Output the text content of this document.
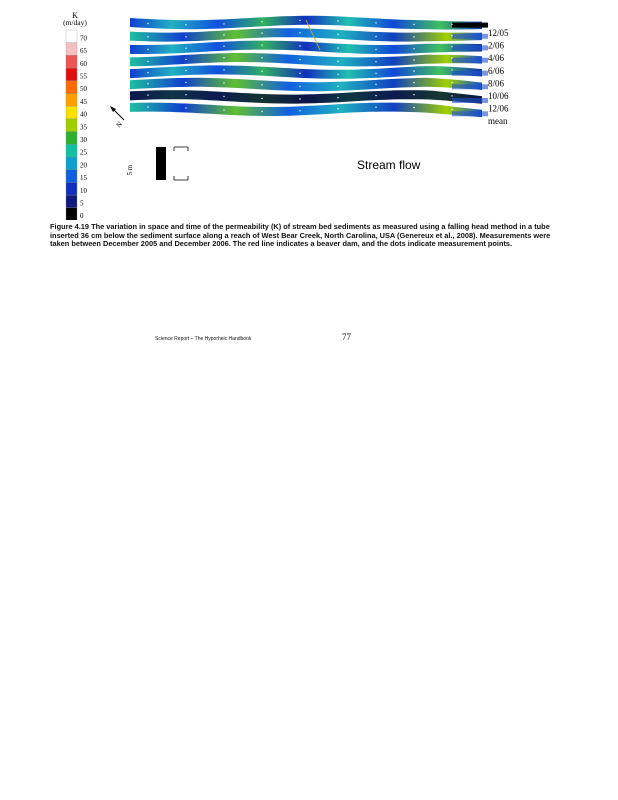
K
(m/day)
70
65
60
55
50
45
40
35
30
25
20
15
10
5
0
12/05
2/06
4/06
6/06
8/06
10/06
12/06
mean
N
5 m	Stream flow
Figure 4.19 The variation in space and time of the permeability (K) of stream bed sediments as measured using a falling head method in a tube inserted 36 cm below the sediment surface along a reach of West Bear Creek, North Carolina, USA (Genereux et al., 2008). Measurements were taken between December 2005 and December 2006. The red line indicates a beaver dam, and the dots indicate measurement points.
Science Report – The Hyporheic Handbook	77
